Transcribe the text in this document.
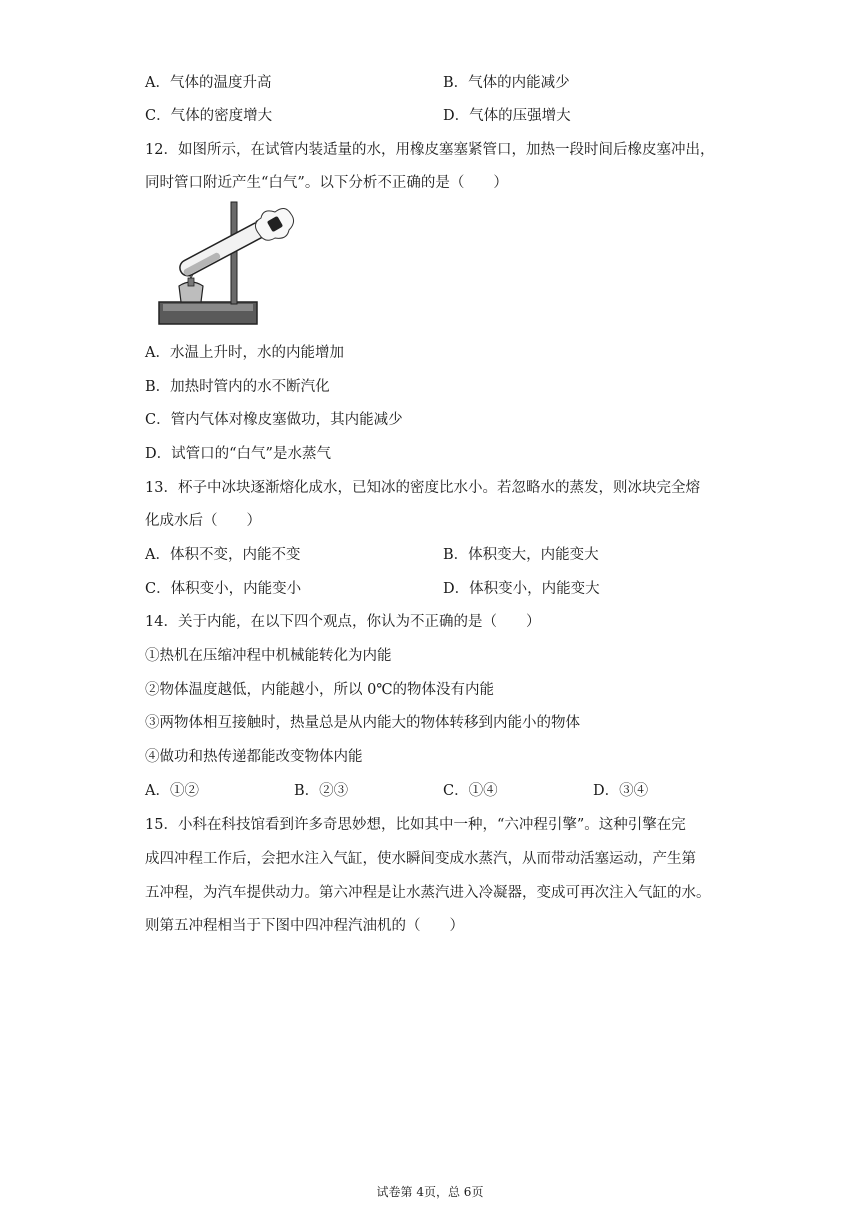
A．气体的温度升高	B．气体的内能减少
C．气体的密度增大	D．气体的压强增大
12．如图所示，在试管内装适量的水，用橡皮塞塞紧管口，加热一段时间后橡皮塞冲出，
同时管口附近产生“白气”。以下分析不正确的是（　　）
A．水温上升时，水的内能增加
B．加热时管内的水不断汽化
C．管内气体对橡皮塞做功，其内能减少
D．试管口的“白气”是水蒸气
13．杯子中冰块逐渐熔化成水，已知冰的密度比水小。若忽略水的蒸发，则冰块完全熔
化成水后（　　）
A．体积不变，内能不变	B．体积变大，内能变大
C．体积变小，内能变小	D．体积变小，内能变大
14．关于内能，在以下四个观点，你认为不正确的是（　　）
①热机在压缩冲程中机械能转化为内能
②物体温度越低，内能越小，所以 0℃的物体没有内能
③两物体相互接触时，热量总是从内能大的物体转移到内能小的物体
④做功和热传递都能改变物体内能
A．①②	B．②③	C．①④	D．③④
15．小科在科技馆看到许多奇思妙想，比如其中一种，“六冲程引擎”。这种引擎在完
成四冲程工作后，会把水注入气缸，使水瞬间变成水蒸汽，从而带动活塞运动，产生第
五冲程，为汽车提供动力。第六冲程是让水蒸汽进入冷凝器，变成可再次注入气缸的水。
则第五冲程相当于下图中四冲程汽油机的（　　）
试卷第 4页，总 6页
